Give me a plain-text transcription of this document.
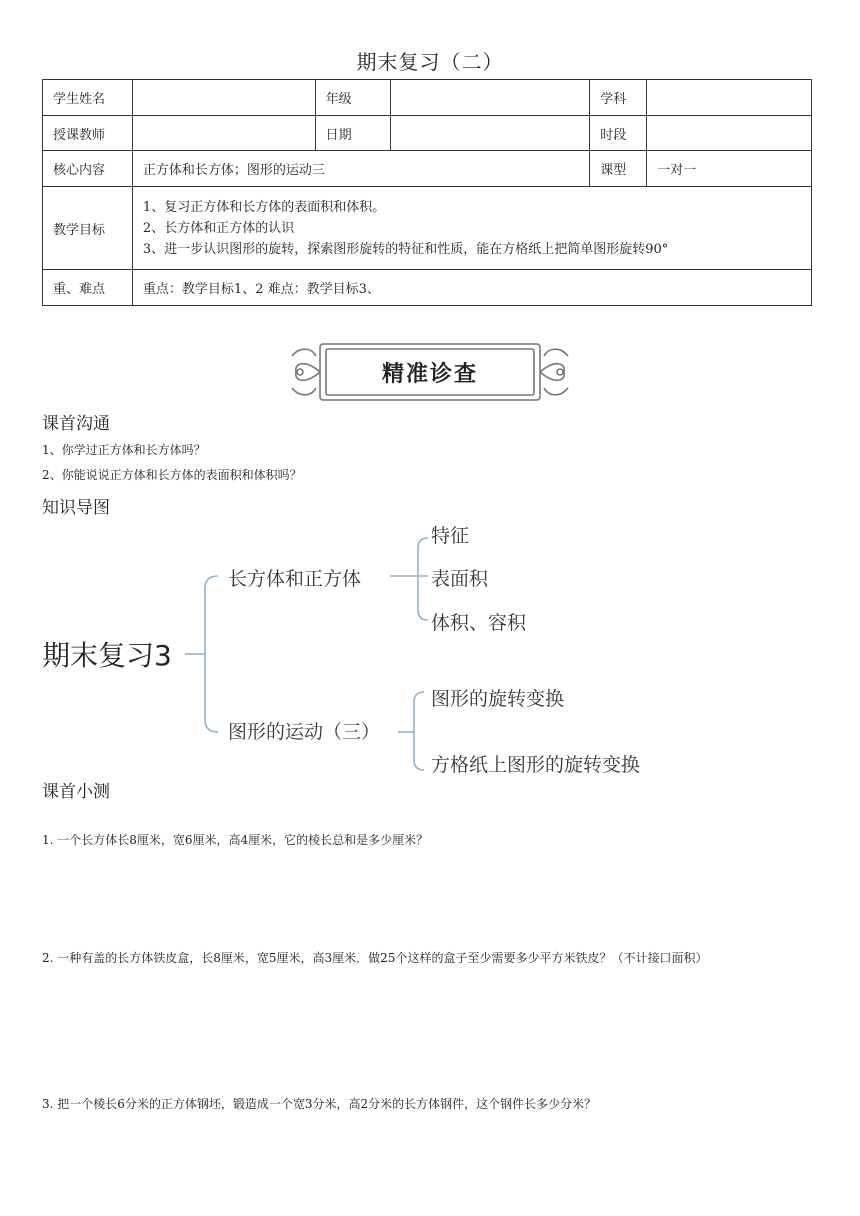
期末复习（二）
学生姓名		年级		学科	
授课教师		日期		时段	
核心内容	正方体和长方体；图形的运动三			课型	一对一
教学目标	1、复习正方体和长方体的表面积和体积。
2、长方体和正方体的认识
3、进一步认识图形的旋转，探索图形旋转的特征和性质，能在方格纸上把简单图形旋转90°				

重、难点	重点：教学目标1、2 难点：教学目标3、				
精准诊查
课首沟通
1、你学过正方体和长方体吗？
2、你能说说正方体和长方体的表面积和体积吗？
知识导图
期末复习3
长方体和正方体
特征
表面积
体积、容积
图形的运动（三）
图形的旋转变换
方格纸上图形的旋转变换
课首小测
1. 一个长方体长8厘米，宽6厘米，高4厘米，它的棱长总和是多少厘米？
2. 一种有盖的长方体铁皮盒，长8厘米，宽5厘米，高3厘米．做25个这样的盒子至少需要多少平方米铁皮？（不计接口面积）
3. 把一个棱长6分米的正方体钢坯，锻造成一个宽3分米，高2分米的长方体钢件，这个钢件长多少分米？
